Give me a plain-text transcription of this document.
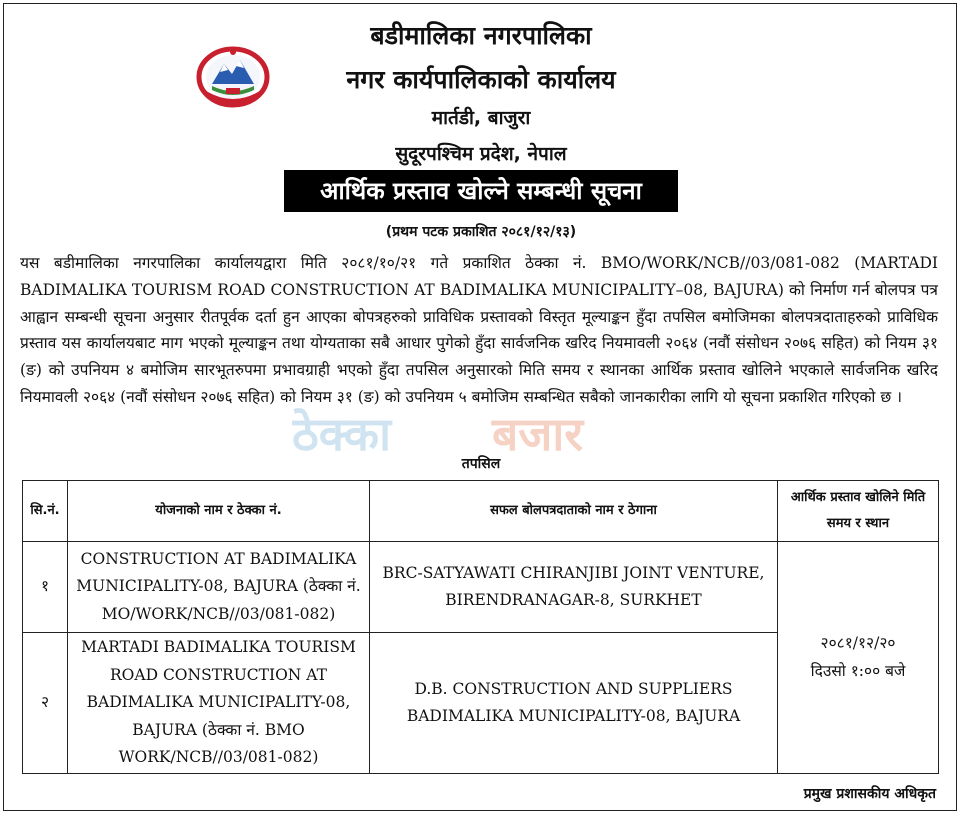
बडीमालिका नगरपालिका
नगर कार्यपालिकाको कार्यालय
मार्तडी, बाजुरा
सुदूरपश्चिम प्रदेश, नेपाल
आर्थिक प्रस्ताव खोल्ने सम्बन्धी सूचना
(प्रथम पटक प्रकाशित २०८१/१२/१३)

यस बडीमालिका नगरपालिका कार्यालयद्वारा मिति २०८१/१०/२१ गते प्रकाशित ठेक्का नं. BMO/WORK/NCB//03/081-082 (MARTADI BADIMALIKA TOURISM ROAD CONSTRUCTION AT BADIMALIKA MUNICIPALITY–08, BAJURA) को निर्माण गर्न बोलपत्र पत्र आह्वान सम्बन्धी सूचना अनुसार रीतपूर्वक दर्ता हुन आएका बोपत्रहरुको प्राविधिक प्रस्तावको विस्तृत मूल्याङ्कन हुँदा तपसिल बमोजिमका बोलपत्रदाताहरुको प्राविधिक प्रस्ताव यस कार्यालयबाट माग भएको मूल्याङ्कन तथा योग्यताका सबै आधार पुगेको हुँदा सार्वजनिक खरिद नियमावली २०६४ (नवौं संसोधन २०७६ सहित) को नियम ३१ (ङ) को उपनियम ४ बमोजिम सारभूतरुपमा प्रभावग्राही भएको हुँदा तपसिल अनुसारको मिति समय र स्थानका आर्थिक प्रस्ताव खोलिने भएकाले सार्वजनिक खरिद नियमावली २०६४ (नवौं संसोधन २०७६ सहित) को नियम ३१ (ङ) को उपनियम ५ बमोजिम सम्बन्धित सबैको जानकारीका लागि यो सूचना प्रकाशित गरिएको छ ।

ठेक्का बजार
तपसिल
सि.नं.	योजनाको नाम र ठेक्का नं.	सफल बोलपत्रदाताको नाम र ठेगाना	आर्थिक प्रस्ताव खोलिने मिति समय र स्थान
१	CONSTRUCTION AT BADIMALIKA MUNICIPALITY-08, BAJURA (ठेक्का नं. MO/WORK/NCB//03/081-082)	BRC-SATYAWATI CHIRANJIBI JOINT VENTURE, BIRENDRANAGAR-8, SURKHET	२०८१/१२/२०
दिउसो १:०० बजे

२	MARTADI BADIMALIKA TOURISM ROAD CONSTRUCTION AT BADIMALIKA MUNICIPALITY-08, BAJURA (ठेक्का नं. BMO WORK/NCB//03/081-082)	D.B. CONSTRUCTION AND SUPPLIERS BADIMALIKA MUNICIPALITY-08, BAJURA	
प्रमुख प्रशासकीय अधिकृत
